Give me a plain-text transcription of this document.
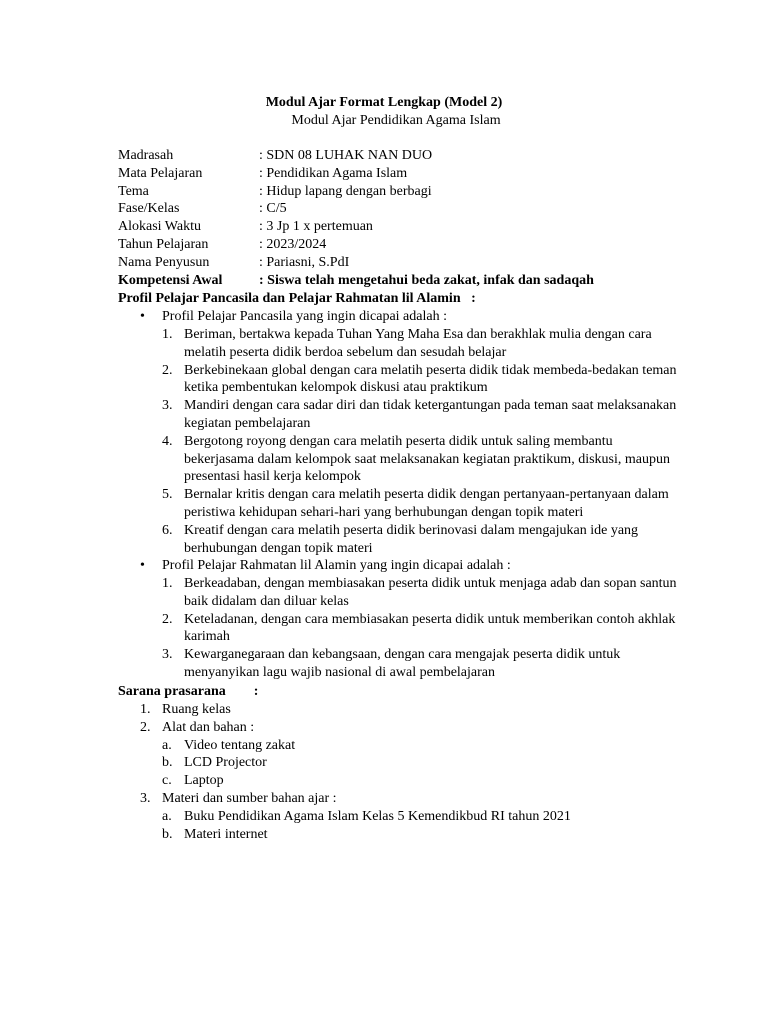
Modul Ajar Format Lengkap (Model 2)
Modul Ajar Pendidikan Agama Islam
Madrasah	: SDN 08 LUHAK NAN DUO
Mata Pelajaran	: Pendidikan Agama Islam
Tema	: Hidup lapang dengan berbagi
Fase/Kelas	: C/5
Alokasi Waktu	: 3 Jp 1 x pertemuan
Tahun Pelajaran	: 2023/2024
Nama Penyusun	: Pariasni, S.PdI
Kompetensi Awal	: Siswa telah mengetahui beda zakat, infak dan sadaqah
Profil Pelajar Pancasila dan Pelajar Rahmatan lil Alamin   :
•	Profil Pelajar Pancasila yang ingin dicapai adalah :
1. Beriman, bertakwa kepada Tuhan Yang Maha Esa dan berakhlak mulia dengan cara melatih peserta didik berdoa sebelum dan sesudah belajar
2. Berkebinekaan global dengan cara melatih peserta didik tidak membeda-bedakan teman ketika pembentukan kelompok diskusi atau praktikum
3. Mandiri dengan cara sadar diri dan tidak ketergantungan pada teman saat melaksanakan kegiatan pembelajaran
4. Bergotong royong dengan cara melatih peserta didik untuk saling membantu bekerjasama dalam kelompok saat melaksanakan kegiatan praktikum, diskusi, maupun presentasi hasil kerja kelompok
5. Bernalar kritis dengan cara melatih peserta didik dengan pertanyaan-pertanyaan dalam peristiwa kehidupan sehari-hari yang berhubungan dengan topik materi
6. Kreatif dengan cara melatih peserta didik berinovasi dalam mengajukan ide yang berhubungan dengan topik materi
•	Profil Pelajar Rahmatan lil Alamin yang ingin dicapai adalah :
1. Berkeadaban, dengan membiasakan peserta didik untuk menjaga adab dan sopan santun baik didalam dan diluar kelas
2. Keteladanan, dengan cara membiasakan peserta didik untuk memberikan contoh akhlak karimah
3. Kewarganegaraan dan kebangsaan, dengan cara mengajak peserta didik untuk menyanyikan lagu wajib nasional di awal pembelajaran
Sarana prasarana        :
1. Ruang kelas
2. Alat dan bahan :
a. Video tentang zakat
b. LCD Projector
c. Laptop
3. Materi dan sumber bahan ajar :
a. Buku Pendidikan Agama Islam Kelas 5 Kemendikbud RI tahun 2021
b. Materi internet
